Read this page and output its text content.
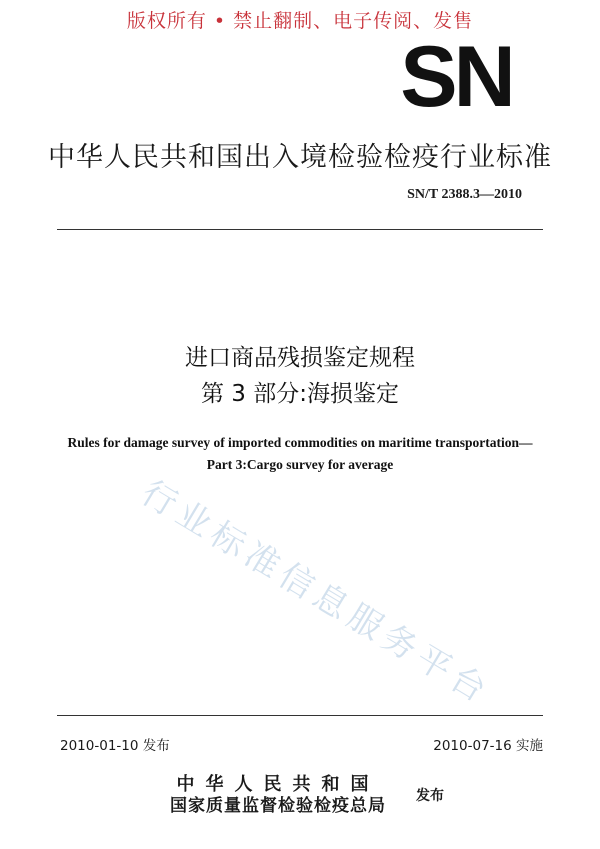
版权所有 • 禁止翻制、电子传阅、发售
SN
中华人民共和国出入境检验检疫行业标准
SN/T 2388.3—2010
进口商品残损鉴定规程
第 3 部分:海损鉴定
Rules for damage survey of imported commodities on maritime transportation—
Part 3:Cargo survey for average
行业标准信息服务平台
2010-01-10 发布	2010-07-16 实施
中华人民共和国
国家质量监督检验检疫总局	发布
